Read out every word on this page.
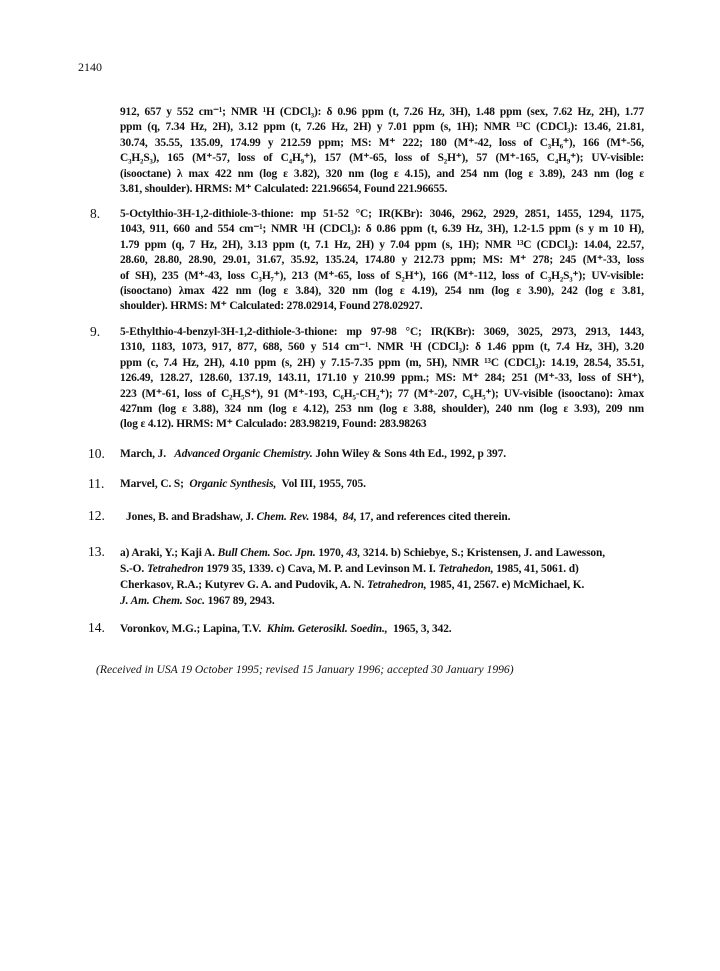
2140
912, 657 y 552 cm⁻¹; NMR ¹H (CDCl₃): δ 0.96 ppm (t, 7.26 Hz, 3H), 1.48 ppm (sex, 7.62 Hz, 2H), 1.77
ppm (q, 7.34 Hz, 2H), 3.12 ppm (t, 7.26 Hz, 2H) y 7.01 ppm (s, 1H); NMR ¹³C (CDCl₃): 13.46, 21.81,
30.74, 35.55, 135.09, 174.99 y 212.59 ppm; MS: M⁺ 222; 180 (M⁺-42, loss of C₃H₆⁺), 166 (M⁺-56,
C₃H₂S₃), 165 (M⁺-57, loss of C₄H₉⁺), 157 (M⁺-65, loss of S₂H⁺), 57 (M⁺-165, C₄H₉⁺); UV-visible:
(isooctane) λ max 422 nm (log ε 3.82), 320 nm (log ε 4.15), and 254 nm (log ε 3.89), 243 nm (log ε
3.81, shoulder). HRMS: M⁺ Calculated: 221.96654, Found 221.96655.
8. 5-Octylthio-3H-1,2-dithiole-3-thione: mp 51-52 °C; IR(KBr): 3046, 2962, 2929, 2851, 1455, 1294, 1175,
1043, 911, 660 and 554 cm⁻¹; NMR ¹H (CDCl₃): δ 0.86 ppm (t, 6.39 Hz, 3H), 1.2-1.5 ppm (s y m 10 H),
1.79 ppm (q, 7 Hz, 2H), 3.13 ppm (t, 7.1 Hz, 2H) y 7.04 ppm (s, 1H); NMR ¹³C (CDCl₃): 14.04, 22.57,
28.60, 28.80, 28.90, 29.01, 31.67, 35.92, 135.24, 174.80 y 212.73 ppm; MS: M⁺ 278; 245 (M⁺-33, loss
of SH), 235 (M⁺-43, loss C₃H₇⁺), 213 (M⁺-65, loss of S₂H⁺), 166 (M⁺-112, loss of C₃H₂S₃⁺); UV-visible:
(isooctano) λmax 422 nm (log ε 3.84), 320 nm (log ε 4.19), 254 nm (log ε 3.90), 242 (log ε 3.81,
shoulder). HRMS: M⁺ Calculated: 278.02914, Found 278.02927.
9. 5-Ethylthio-4-benzyl-3H-1,2-dithiole-3-thione: mp 97-98 °C; IR(KBr): 3069, 3025, 2973, 2913, 1443,
1310, 1183, 1073, 917, 877, 688, 560 y 514 cm⁻¹. NMR ¹H (CDCl₃): δ 1.46 ppm (t, 7.4 Hz, 3H), 3.20
ppm (c, 7.4 Hz, 2H), 4.10 ppm (s, 2H) y 7.15-7.35 ppm (m, 5H), NMR ¹³C (CDCl₃): 14.19, 28.54, 35.51,
126.49, 128.27, 128.60, 137.19, 143.11, 171.10 y 210.99 ppm.; MS: M⁺ 284; 251 (M⁺-33, loss of SH⁺),
223 (M⁺-61, loss of C₂H₅S⁺), 91 (M⁺-193, C₆H₅-CH₂⁺); 77 (M⁺-207, C₆H₅⁺); UV-visible (isooctano): λmax
427nm (log ε 3.88), 324 nm (log ε 4.12), 253 nm (log ε 3.88, shoulder), 240 nm (log ε 3.93), 209 nm
(log ε 4.12). HRMS: M⁺ Calculado: 283.98219, Found: 283.98263
10. March, J. Advanced Organic Chemistry. John Wiley & Sons 4th Ed., 1992, p 397.
11. Marvel, C. S; Organic Synthesis, Vol III, 1955, 705.
12. Jones, B. and Bradshaw, J. Chem. Rev. 1984, 84, 17, and references cited therein.
13. a) Araki, Y.; Kaji A. Bull Chem. Soc. Jpn. 1970, 43, 3214. b) Schiebye, S.; Kristensen, J. and Lawesson,
S.-O. Tetrahedron 1979 35, 1339. c) Cava, M. P. and Levinson M. I. Tetrahedon, 1985, 41, 5061. d)
Cherkasov, R.A.; Kutyrev G. A. and Pudovik, A. N. Tetrahedron, 1985, 41, 2567. e) McMichael, K.
J. Am. Chem. Soc. 1967 89, 2943.
14. Voronkov, M.G.; Lapina, T.V. Khim. Geterosikl. Soedin., 1965, 3, 342.
(Received in USA 19 October 1995; revised 15 January 1996; accepted 30 January 1996)
